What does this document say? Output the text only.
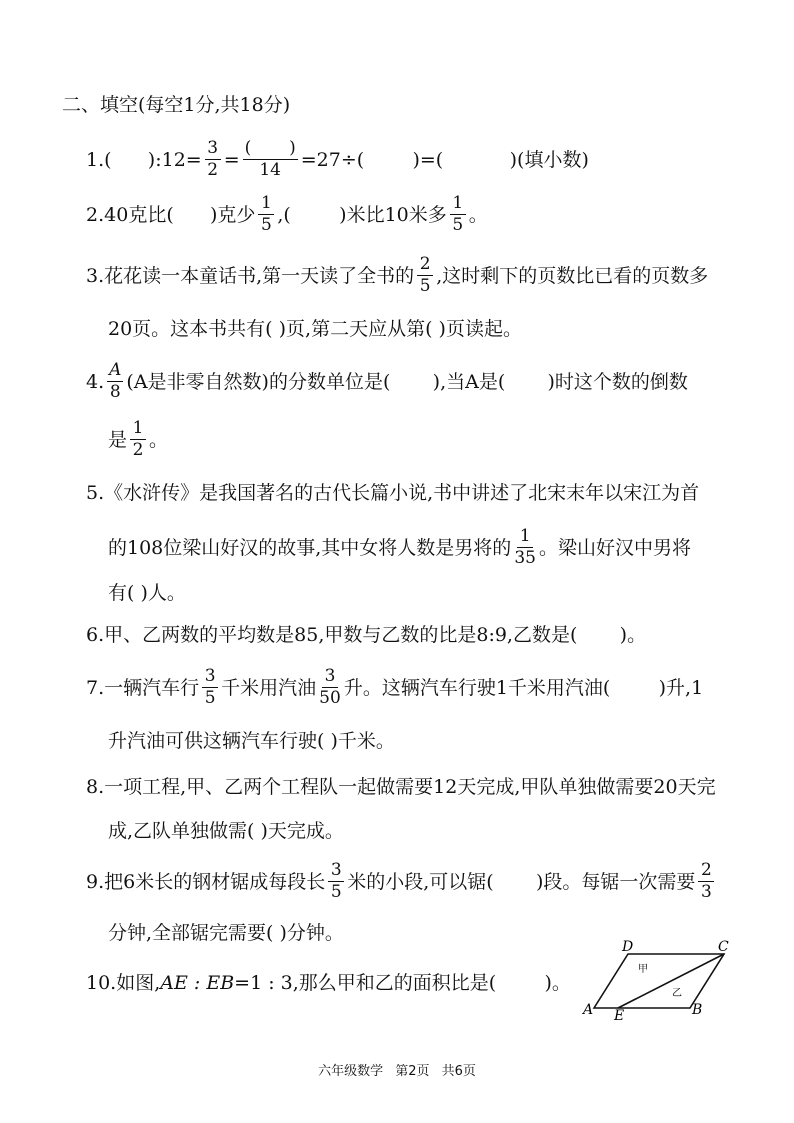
二、填空(每空1分,共18分)
1. (      ):12= $\frac{3}{2} = \frac{( )}{14} =27\div$(        )=(           )(填小数)
2. 40克比(      )克少 $\frac{1}{5}$ ,(        )米比10米多 $\frac{1}{5}$ 。
3. 花花读一本童话书,第一天读了全书的 $\frac{2}{5}$ ,这时剩下的页数比已看的页数多
20页。这本书共有( )页,第二天应从第( )页读起。
4. $\frac{A}{8} (A$是非零自然数)的分数单位是(       ),当A是(       )时这个数的倒数
是 $\frac{1}{2}$ 。
5. 《水浒传》是我国著名的古代长篇小说,书中讲述了北宋末年以宋江为首
的108位梁山好汉的故事,其中女将人数是男将的 $\frac{1}{35}$ 。梁山好汉中男将
有( )人。
6. 甲、乙两数的平均数是85,甲数与乙数的比是8:9,乙数是(       )。
7. 一辆汽车行 $\frac{3}{5}$ 千米用汽油 $\frac{3}{50}$ 升。这辆汽车行驶1千米用汽油(        )升,1
升汽油可供这辆汽车行驶( )千米。
8. 一项工程,甲、乙两个工程队一起做需要12天完成,甲队单独做需要20天完
成,乙队单独做需( )天完成。
9. 把6米长的钢材锯成每段长 $\frac{3}{5}$ 米的小段,可以锯(       )段。每锯一次需要 $\frac{2}{3}$
分钟,全部锯完需要( )分钟。
10. 如图, AE : EB =1 : 3,那么甲和乙的面积比是(        )。
A	B
C
D
E
甲
乙
六年级数学 第2页 共6页
